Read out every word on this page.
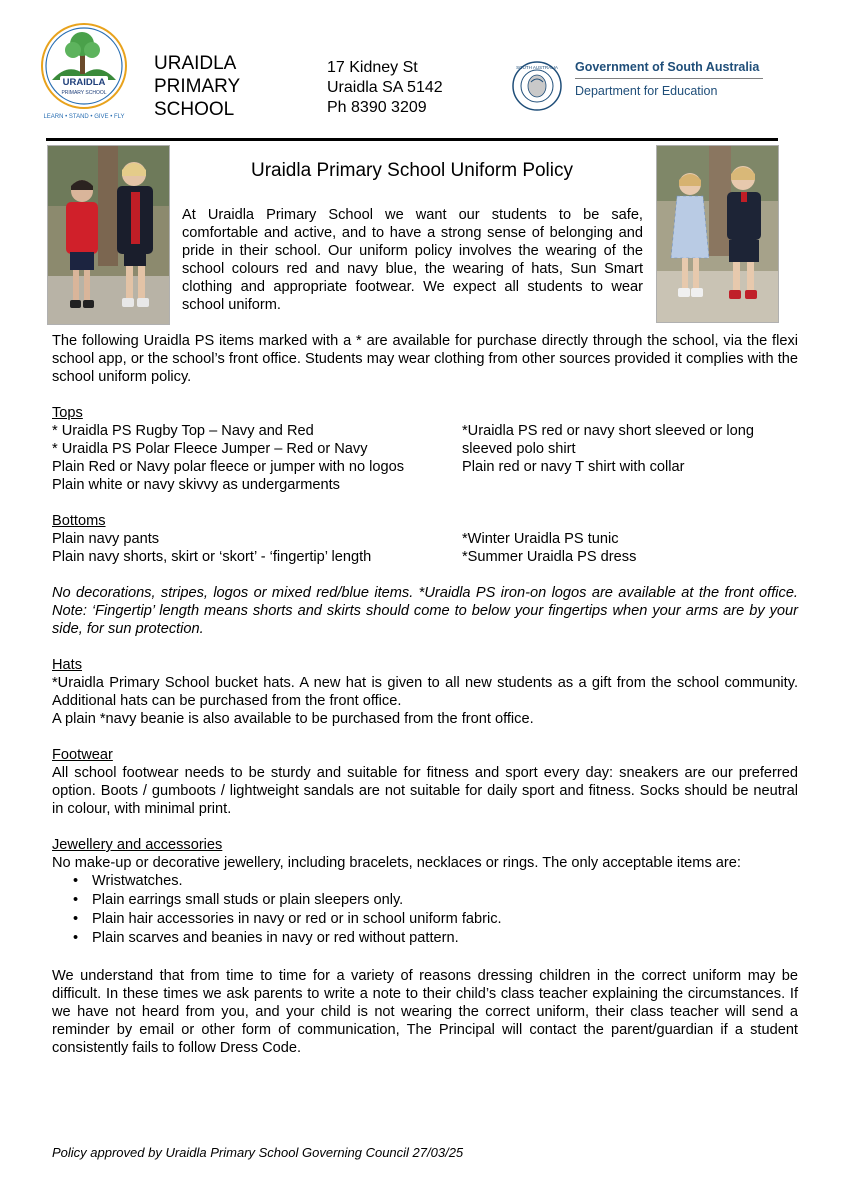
URAIDLA
PRIMARY SCHOOL
LEARN • STAND • GIVE • FLY
URAIDLA
PRIMARY
SCHOOL
17 Kidney St
Uraidla SA 5142
Ph 8390 3209
SOUTH AUSTRALIA Government of South Australia
Department for Education
Uraidla Primary School Uniform Policy
At Uraidla Primary School we want our students to be safe, comfortable and active, and to have a strong sense of belonging and pride in their school. Our uniform policy involves the wearing of the school colours red and navy blue, the wearing of hats, Sun Smart clothing and appropriate footwear. We expect all students to wear school uniform.
The following Uraidla PS items marked with a * are available for purchase directly through the school, via the flexi school app, or the school’s front office. Students may wear clothing from other sources provided it complies with the school uniform policy.
Tops
* Uraidla PS Rugby Top – Navy and Red
* Uraidla PS Polar Fleece Jumper – Red or Navy
Plain Red or Navy polar fleece or jumper with no logos
Plain white or navy skivvy as undergarments
*Uraidla PS red or navy short sleeved or long
sleeved polo shirt
Plain red or navy T shirt with collar
Bottoms
Plain navy pants
Plain navy shorts, skirt or ‘skort’ - ‘fingertip’ length
*Winter Uraidla PS tunic
*Summer Uraidla PS dress
No decorations, stripes, logos or mixed red/blue items. *Uraidla PS iron-on logos are available at the front office. Note: ‘Fingertip’ length means shorts and skirts should come to below your fingertips when your arms are by your side, for sun protection.
Hats
*Uraidla Primary School bucket hats. A new hat is given to all new students as a gift from the school community. Additional hats can be purchased from the front office.
A plain *navy beanie is also available to be purchased from the front office.
Footwear
All school footwear needs to be sturdy and suitable for fitness and sport every day: sneakers are our preferred option. Boots / gumboots / lightweight sandals are not suitable for daily sport and fitness. Socks should be neutral in colour, with minimal print.
Jewellery and accessories
No make-up or decorative jewellery, including bracelets, necklaces or rings. The only acceptable items are:
• Wristwatches.
• Plain earrings small studs or plain sleepers only.
• Plain hair accessories in navy or red or in school uniform fabric.
• Plain scarves and beanies in navy or red without pattern.
We understand that from time to time for a variety of reasons dressing children in the correct uniform may be difficult. In these times we ask parents to write a note to their child’s class teacher explaining the circumstances. If we have not heard from you, and your child is not wearing the correct uniform, their class teacher will send a reminder by email or other form of communication, The Principal will contact the parent/guardian if a student consistently fails to follow Dress Code.
Policy approved by Uraidla Primary School Governing Council 27/03/25
